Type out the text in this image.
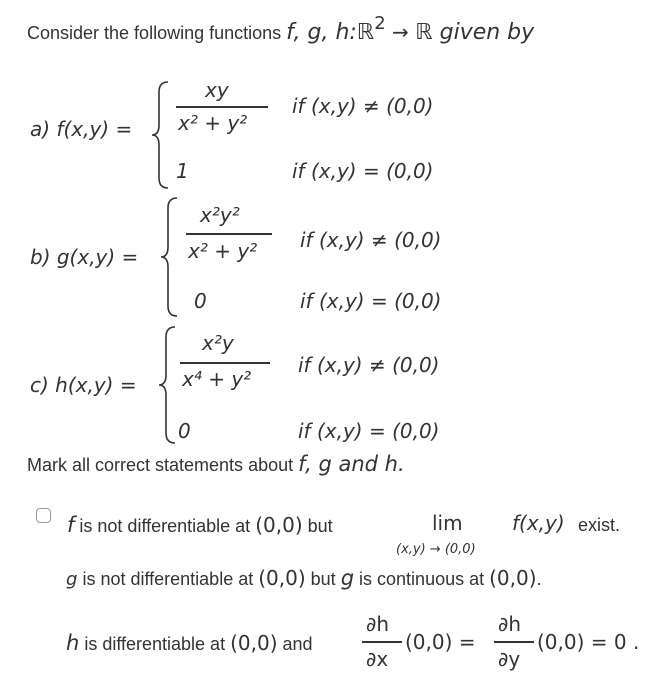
Consider the following functions f, g, h:ℝ2 → ℝ given by
a) f(x,y) =
xy
x² + y²
if (x,y) ≠ (0,0)
1	if (x,y) = (0,0)
b) g(x,y) =
x²y²
x² + y² if (x,y) ≠ (0,0)
0	if (x,y) = (0,0)
c) h(x,y) =
x²y
x⁴ + y²
if (x,y) ≠ (0,0)
0	if (x,y) = (0,0)
Mark all correct statements about f, g and h.
f is not differentiable at (0,0) but	lim
(x,y) → (0,0)
f(x,y) exist.
g is not differentiable at (0,0) but g is continuous at (0,0).
h is differentiable at (0,0) and
∂h
∂x
(0,0) =
∂h
∂y
(0,0) = 0 .
